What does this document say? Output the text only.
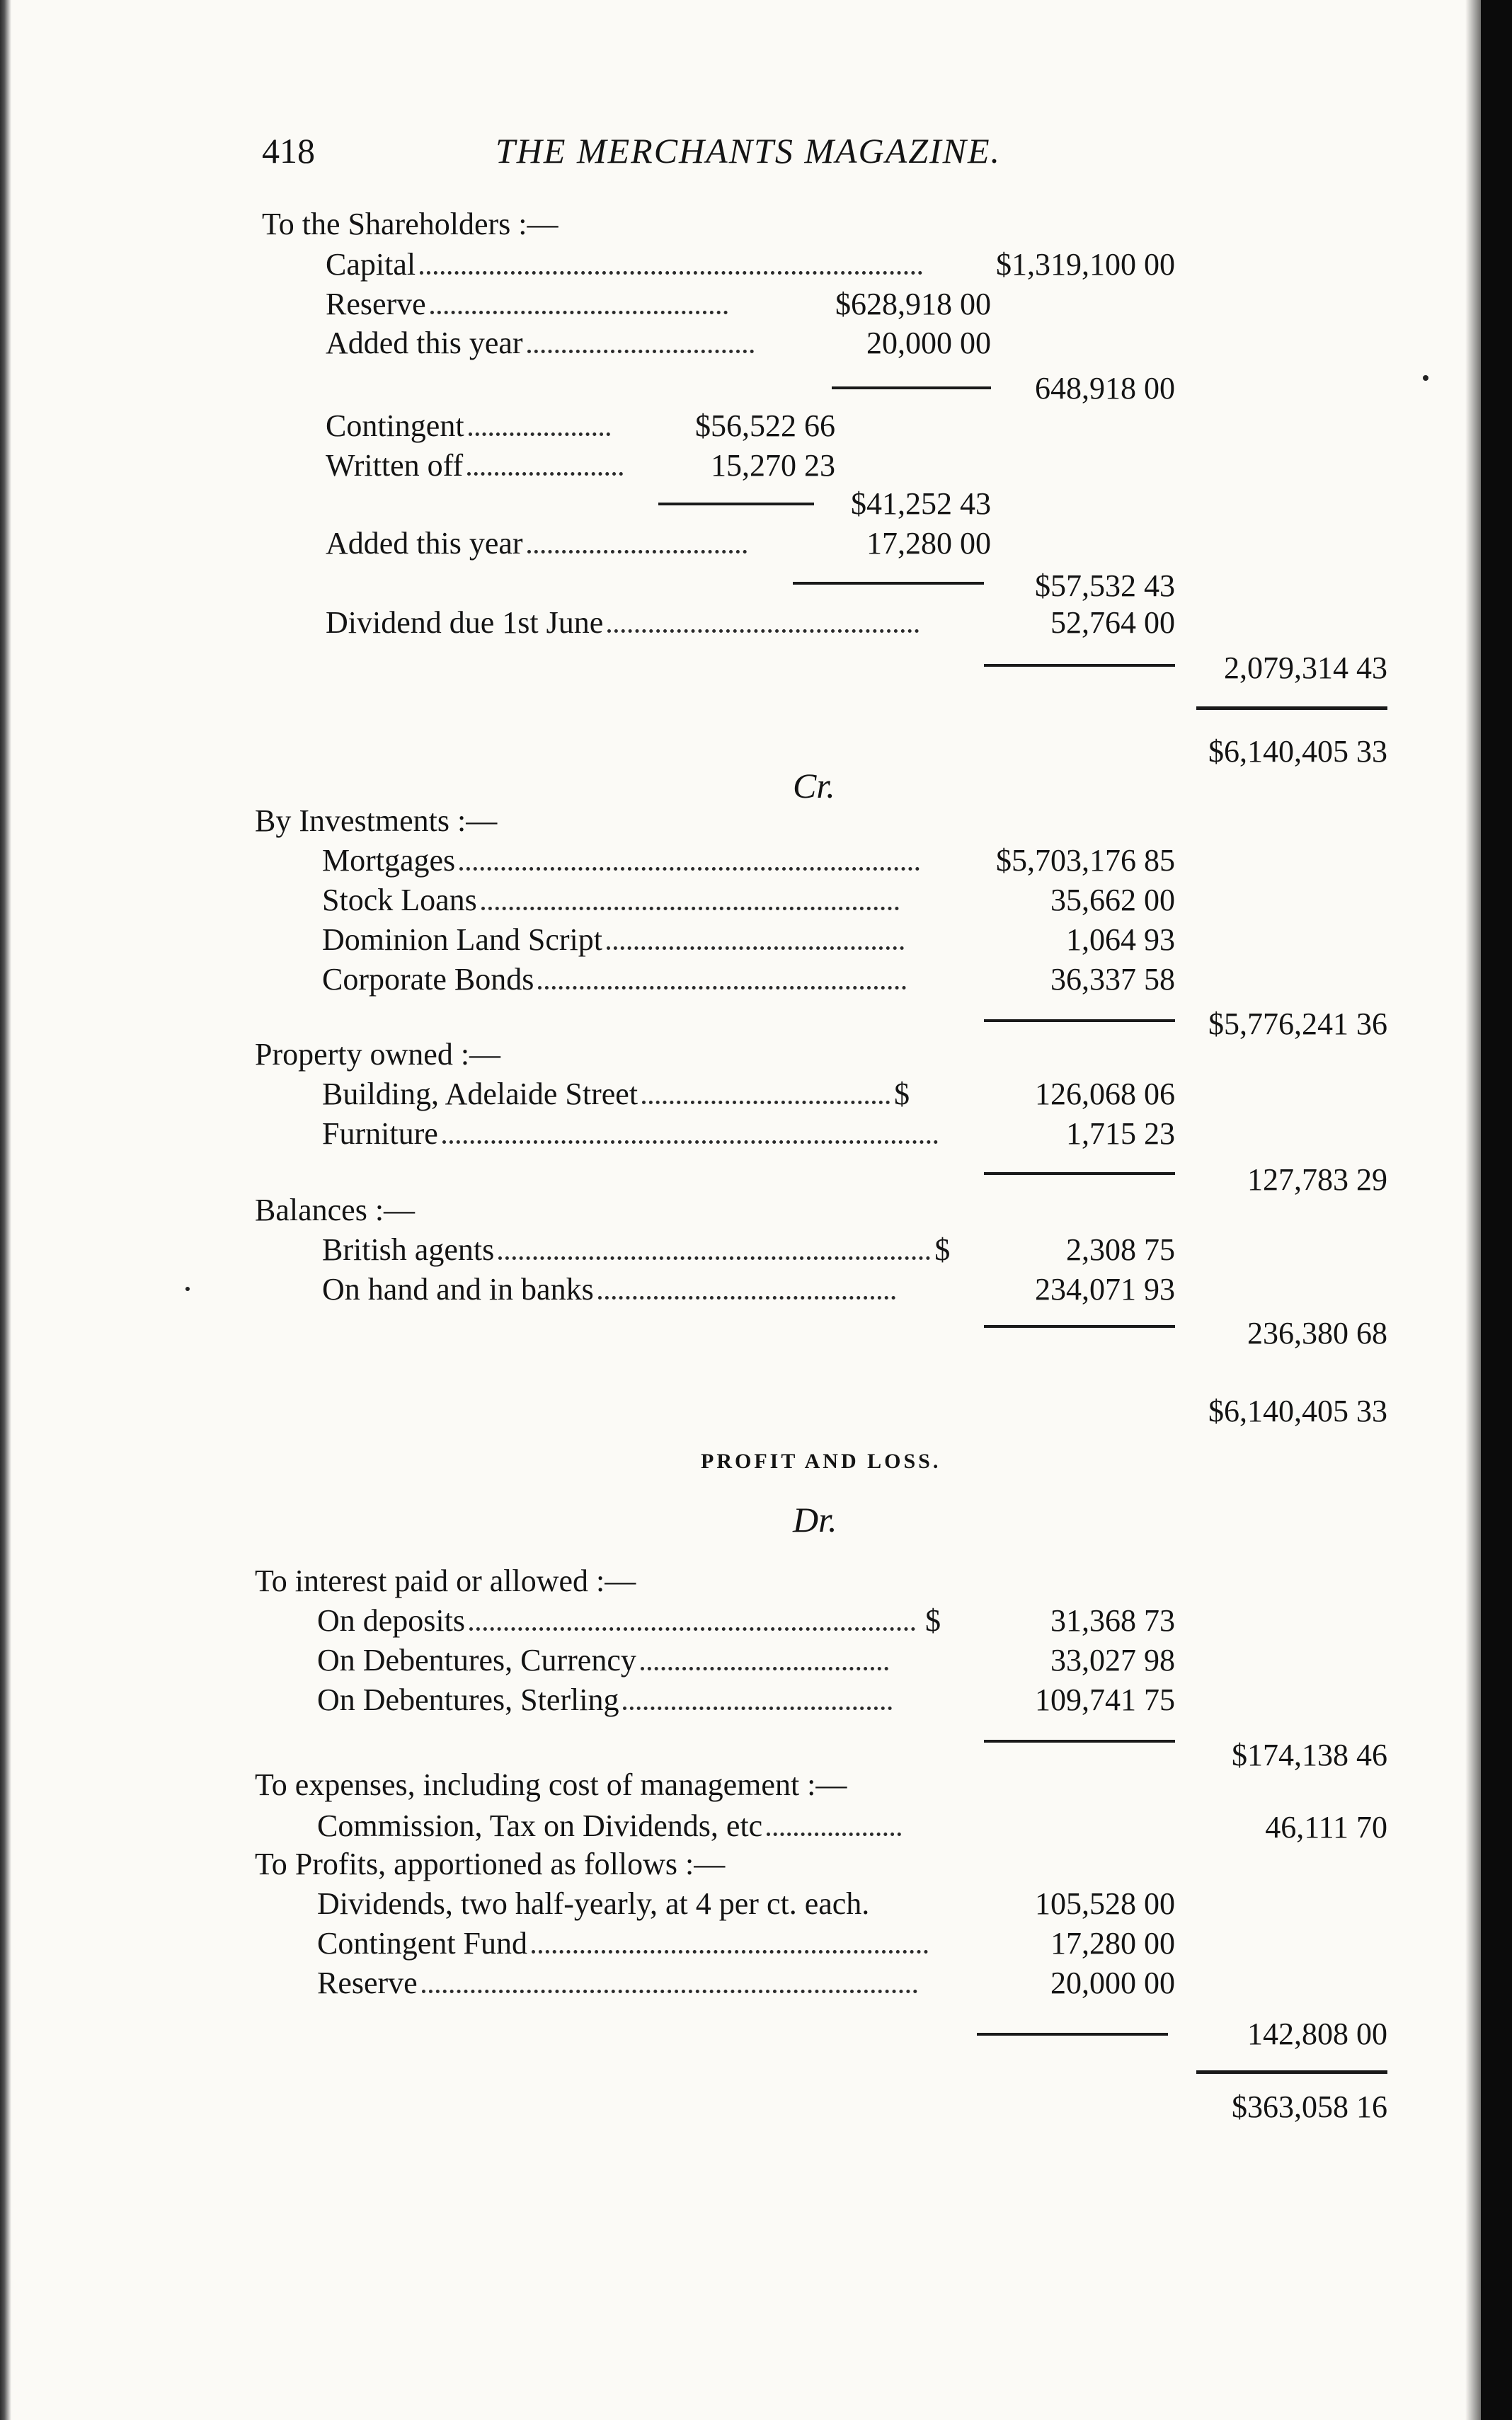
418	THE MERCHANTS MAGAZINE.
To the Shareholders :—
Capital	$1,319,100 00
Reserve	$628,918 00
Added this year	20,000 00
648,918 00
Contingent	$56,522 66
Written off	15,270 23
$41,252 43
Added this year	17,280 00
$57,532 43
Dividend due 1st June	52,764 00
2,079,314 43
$6,140,405 33
Cr.
By Investments :—
Mortgages	$5,703,176 85
Stock Loans	35,662 00
Dominion Land Script	1,064 93
Corporate Bonds	36,337 58
$5,776,241 36
Property owned :—
Building, Adelaide Street	$	126,068 06
Furniture	1,715 23
127,783 29
Balances :—
British agents	$	2,308 75
On hand and in banks	234,071 93
236,380 68
$6,140,405 33
PROFIT AND LOSS.
Dr.
To interest paid or allowed :—
On deposits	$	31,368 73
On Debentures, Currency	33,027 98
On Debentures, Sterling	109,741 75
$174,138 46
To expenses, including cost of management :—
Commission, Tax on Dividends, etc	46,111 70
To Profits, apportioned as follows :—
Dividends, two half-yearly, at 4 per ct. each.	105,528 00
Contingent Fund	17,280 00
Reserve	20,000 00
142,808 00
$363,058 16
